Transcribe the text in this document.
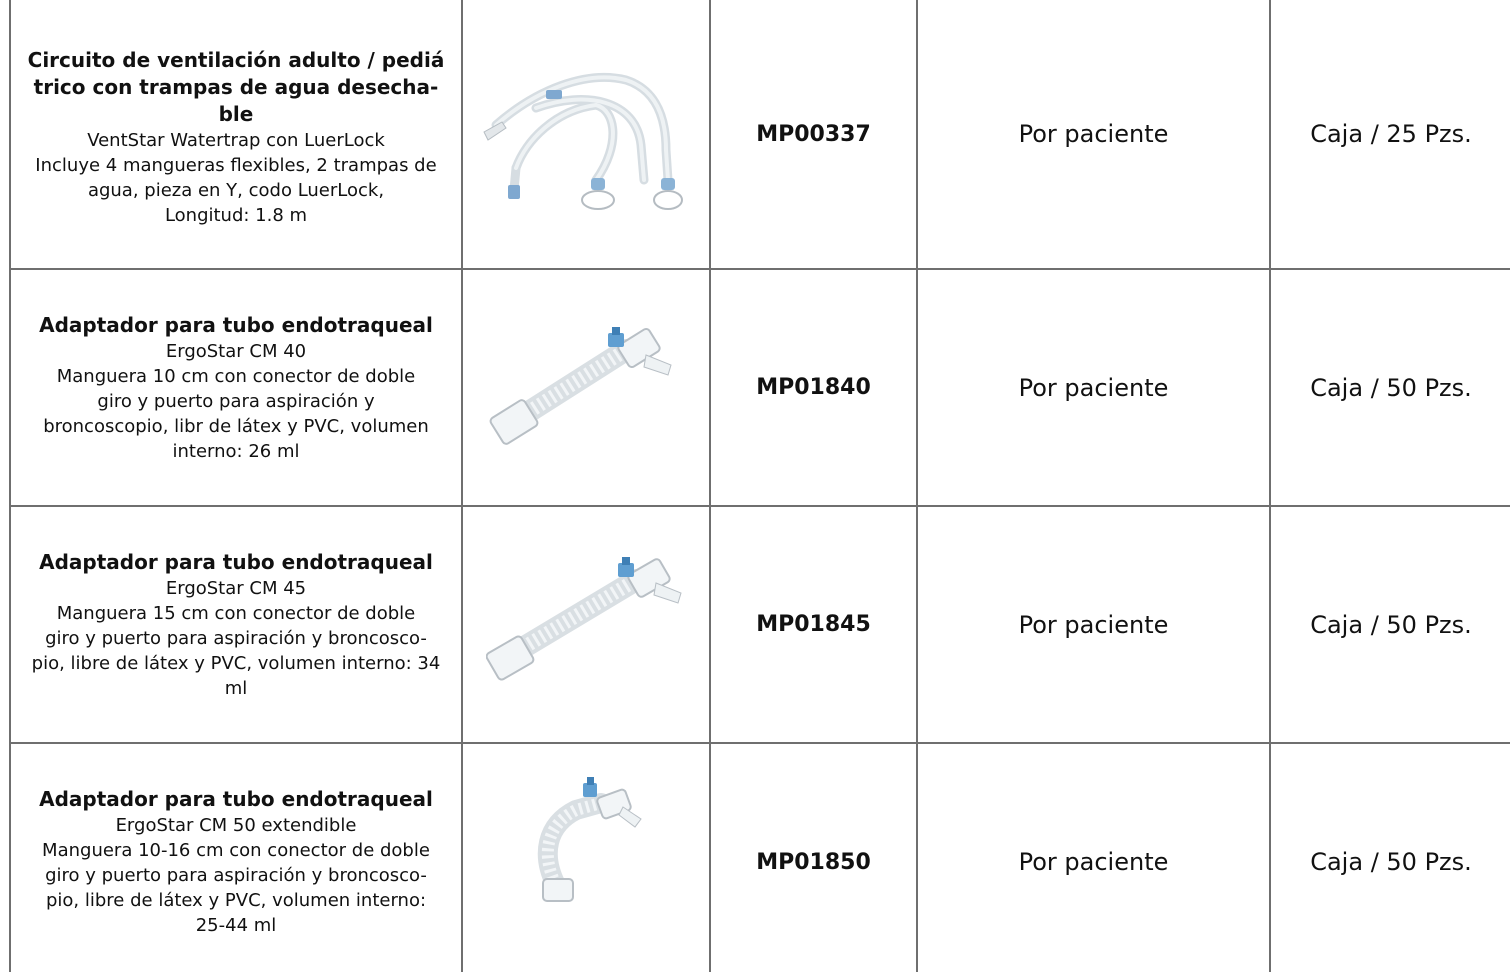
Circuito de ventilación adulto / pediá
trico con trampas de agua desecha-
ble
VentStar Watertrap con LuerLock
Incluye 4 mangueras flexibles, 2 trampas de
agua, pieza en Y, codo LuerLock,
Longitud: 1.8 m
MP00337	Por paciente	Caja / 25 Pzs.
Adaptador para tubo endotraqueal
ErgoStar CM 40
Manguera 10 cm con conector de doble
giro y puerto para aspiración y
broncoscopio, libr de látex y PVC, volumen
interno: 26 ml
MP01840	Por paciente	Caja / 50 Pzs.
Adaptador para tubo endotraqueal
ErgoStar CM 45
Manguera 15 cm con conector de doble
giro y puerto para aspiración y broncosco-
pio, libre de látex y PVC, volumen interno: 34
ml
MP01845	Por paciente	Caja / 50 Pzs.
Adaptador para tubo endotraqueal
ErgoStar CM 50 extendible
Manguera 10-16 cm con conector de doble
giro y puerto para aspiración y broncosco-
pio, libre de látex y PVC, volumen interno:
25-44 ml
MP01850	Por paciente	Caja / 50 Pzs.
